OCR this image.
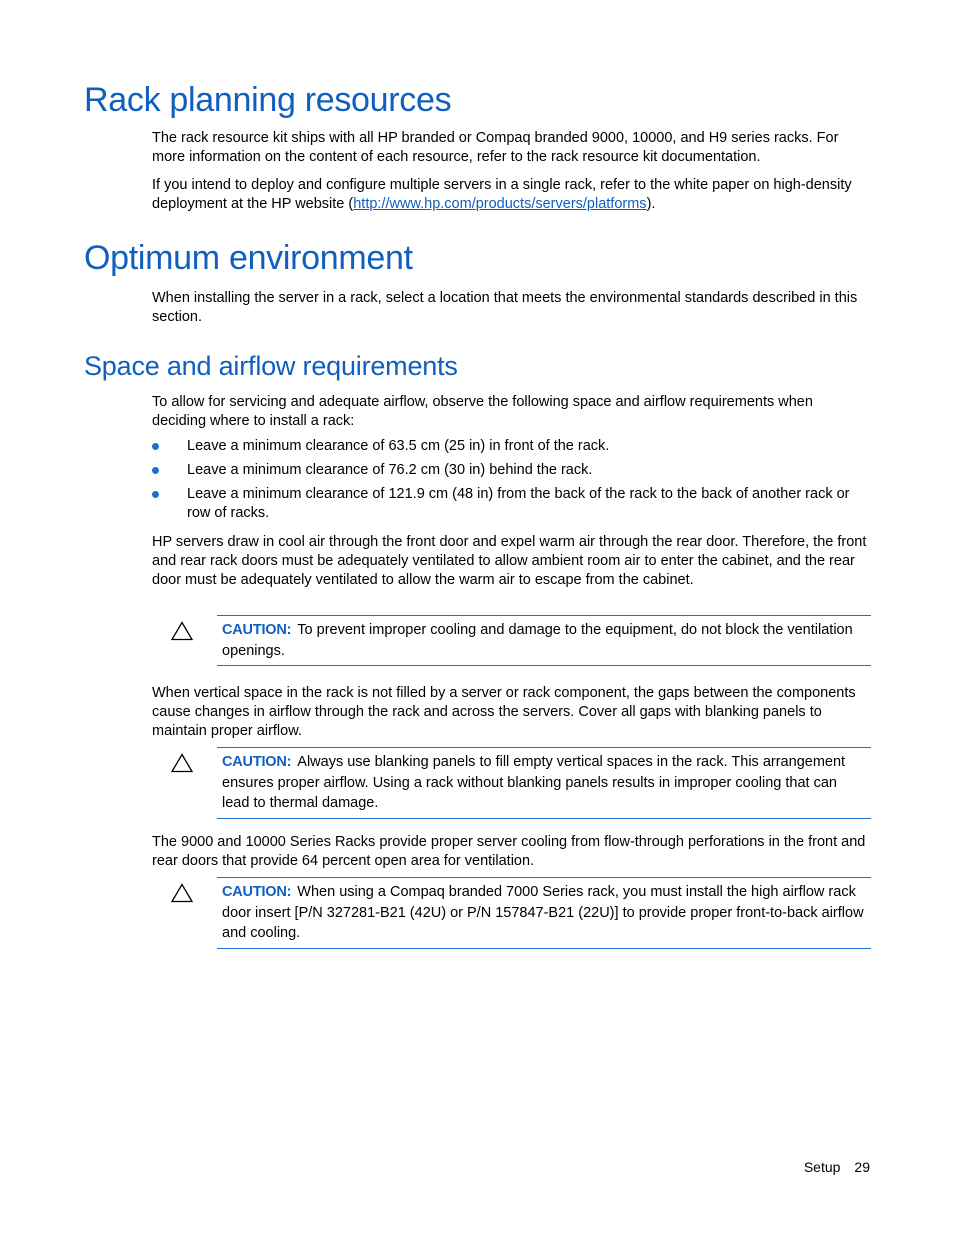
Rack planning resources

The rack resource kit ships with all HP branded or Compaq branded 9000, 10000, and H9 series racks. For more information on the content of each resource, refer to the rack resource kit documentation.

If you intend to deploy and configure multiple servers in a single rack, refer to the white paper on high-density deployment at the HP website (http://www.hp.com/products/servers/platforms).

Optimum environment

When installing the server in a rack, select a location that meets the environmental standards described in this section.

Space and airflow requirements

To allow for servicing and adequate airflow, observe the following space and airflow requirements when deciding where to install a rack:

Leave a minimum clearance of 63.5 cm (25 in) in front of the rack.
Leave a minimum clearance of 76.2 cm (30 in) behind the rack.
Leave a minimum clearance of 121.9 cm (48 in) from the back of the rack to the back of another rack or row of racks.

HP servers draw in cool air through the front door and expel warm air through the rear door. Therefore, the front and rear rack doors must be adequately ventilated to allow ambient room air to enter the cabinet, and the rear door must be adequately ventilated to allow the warm air to escape from the cabinet.

CAUTION: To prevent improper cooling and damage to the equipment, do not block the ventilation openings.

When vertical space in the rack is not filled by a server or rack component, the gaps between the components cause changes in airflow through the rack and across the servers. Cover all gaps with blanking panels to maintain proper airflow.

CAUTION: Always use blanking panels to fill empty vertical spaces in the rack. This arrangement ensures proper airflow. Using a rack without blanking panels results in improper cooling that can lead to thermal damage.

The 9000 and 10000 Series Racks provide proper server cooling from flow-through perforations in the front and rear doors that provide 64 percent open area for ventilation.

CAUTION: When using a Compaq branded 7000 Series rack, you must install the high airflow rack door insert [P/N 327281-B21 (42U) or P/N 157847-B21 (22U)] to provide proper front-to-back airflow and cooling.

Setup 29
